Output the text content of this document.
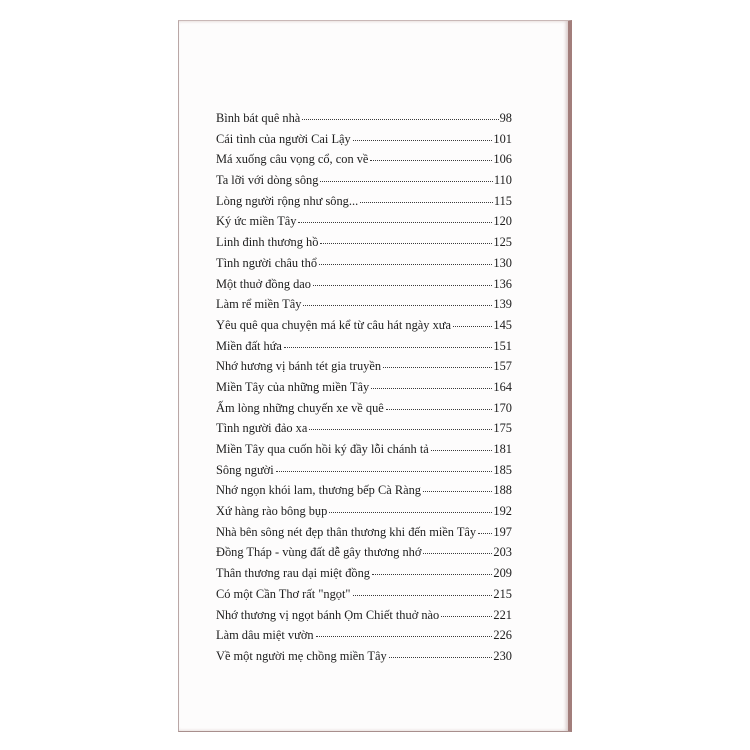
Bình bát quê nhà	98
Cái tình của người Cai Lậy	101
Má xuống câu vọng cổ, con về	106
Ta lỡi với dòng sông	110
Lòng người rộng như sông...	115
Ký ức miền Tây	120
Linh đinh thương hồ	125
Tình người châu thổ	130
Một thuở đồng dao	136
Làm rể miền Tây	139
Yêu quê qua chuyện má kể từ câu hát ngày xưa	145
Miền đất hứa	151
Nhớ hương vị bánh tét gia truyền	157
Miền Tây của những miền Tây	164
Ấm lòng những chuyến xe về quê	170
Tình người đảo xa	175
Miền Tây qua cuốn hồi ký đầy lỗi chánh tả	181
Sông người	185
Nhớ ngọn khói lam, thương bếp Cà Ràng	188
Xứ hàng rào bông bụp	192
Nhà bên sông nét đẹp thân thương khi đến miền Tây 197
Đồng Tháp - vùng đất dễ gây thương nhớ	203
Thân thương rau dại miệt đồng	209
Có một Cần Thơ rất "ngọt"	215
Nhớ thương vị ngọt bánh Ọm Chiết thuở nào	221
Làm dâu miệt vườn	226
Về một người mẹ chồng miền Tây	230
